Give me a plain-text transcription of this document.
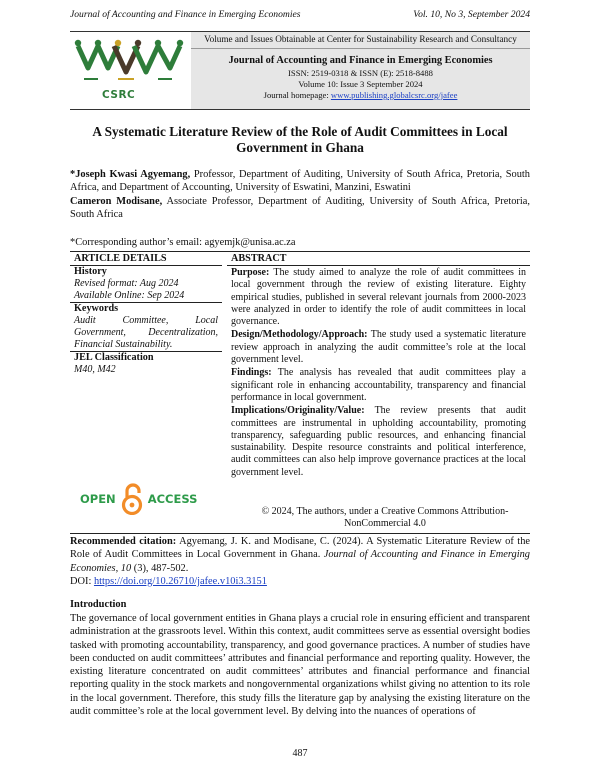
Journal of Accounting and Finance in Emerging Economies	Vol. 10, No 3, September 2024
CSRC
Volume and Issues Obtainable at Center for Sustainability Research and Consultancy
Journal of Accounting and Finance in Emerging Economies
ISSN: 2519-0318 & ISSN (E): 2518-8488
Volume 10: Issue 3 September 2024
Journal homepage: www.publishing.globalcsrc.org/jafee
A Systematic Literature Review of the Role of Audit Committees in Local
Government in Ghana
*Joseph Kwasi Agyemang, Professor, Department of Auditing, University of South Africa, Pretoria, South Africa, and Department of Accounting, University of Eswatini, Manzini, Eswatini
Cameron Modisane, Associate Professor, Department of Auditing, University of South Africa, Pretoria, South Africa
*Corresponding author’s email: agyemjk@unisa.ac.za
ARTICLE DETAILS
History
Revised format: Aug 2024
Available Online: Sep 2024
Keywords
Audit Committee, Local Government, Decentralization, Financial Sustainability.
JEL Classification
M40, M42
ABSTRACT

Purpose: The study aimed to analyze the role of audit committees in local government through the review of existing literature. Eighty empirical studies, published in several relevant journals from 2000-2023 were analyzed in order to identify the role of audit committees in local governance.

Design/Methodology/Approach: The study used a systematic literature review approach in analyzing the audit committee’s role at the local government level.

Findings: The analysis has revealed that audit committees play a significant role in enhancing accountability, transparency and financial performance in local government.

Implications/Originality/Value: The review presents that audit committees are instrumental in upholding accountability, promoting transparency, safeguarding public resources, and enhancing financial sustainability. Despite resource constraints and political interference, audit committees can also help improve governance practices at the local government level.

OPEN	ACCESS
© 2024, The authors, under a Creative Commons Attribution-
NonCommercial 4.0
Recommended citation: Agyemang, J. K. and Modisane, C. (2024). A Systematic Literature Review of the Role of Audit Committees in Local Government in Ghana. Journal of Accounting and Finance in Emerging Economies, 10 (3), 487-502.
DOI: https://doi.org/10.26710/jafee.v10i3.3151
Introduction
The governance of local government entities in Ghana plays a crucial role in ensuring efficient and transparent administration at the grassroots level. Within this context, audit committees serve as essential oversight bodies tasked with promoting accountability, transparency, and good governance practices. A number of studies have been conducted on audit committees’ attributes and financial performance and reporting quality. However, the existing literature concentrated on audit committees’ attributes and financial performance and financial reporting quality in the stock markets and nongovernmental organizations whilst giving no attention to its role in the local government. Therefore, this study fills the literature gap by analysing the existing literature on the audit committee’s role at the local government level. By delving into the nuances of operations of
487
